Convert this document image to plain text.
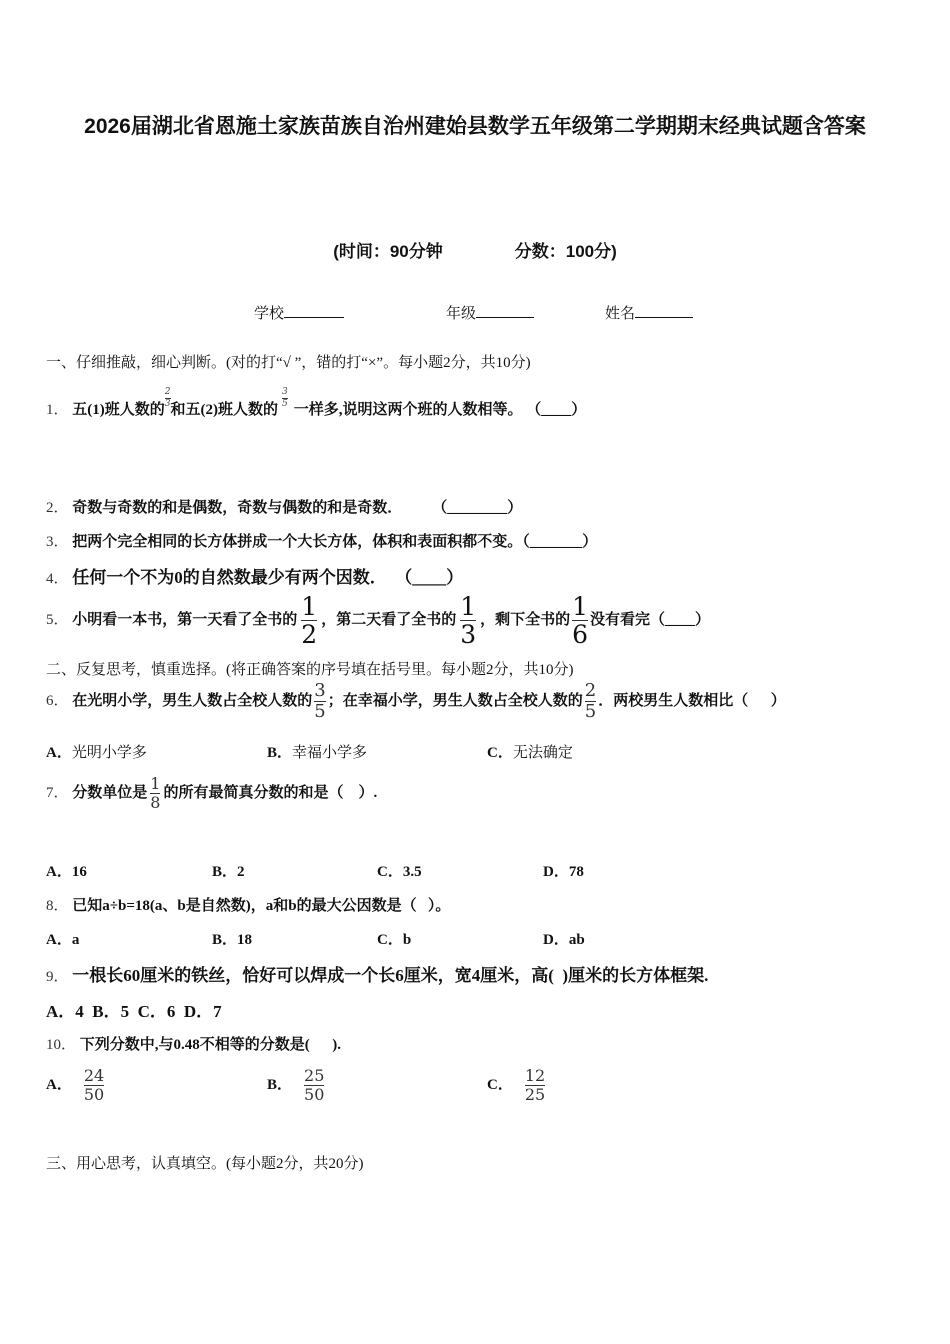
2026届湖北省恩施土家族苗族自治州建始县数学五年级第二学期期末经典试题含答案
(时间：90分钟	分数：100分)
学校	年级	姓名
一、仔细推敲，细心判断。(对的打“√ ”，错的打“×”。每小题2分，共10分)
1． 五(1)班人数的
$\frac{2}{3}$
和五(2)班人数的
$\frac{3}{5}$
一样多,说明这两个班的人数相等。 （____）
2． 奇数与奇数的和是偶数，奇数与偶数的和是奇数．        （________）
3． 把两个完全相同的长方体拼成一个大长方体，体积和表面积都不变。（_______）
4． 任何一个不为0的自然数最少有两个因数．  （____）
5． 小明看一本书，第一天看了全书的 $\frac{1}{2}$ ，第二天看了全书的 $\frac{1}{3}$ ，剩下全书的 $\frac{1}{6}$ 没有看完（____）
二、反复思考，慎重选择。(将正确答案的序号填在括号里。每小题2分，共10分)
6． 在光明小学，男生人数占全校人数的 $\frac{3}{5}$ ；在幸福小学，男生人数占全校人数的 $\frac{2}{5}$ ．两校男生人数相比（      ）
A．光明小学多	B．幸福小学多	C．无法确定
7． 分数单位是 $\frac{1}{8}$ 的所有最简真分数的和是（    ）.
A．16	B．2	C．3.5	D．78
8． 已知a÷b=18(a、b是自然数)，a和b的最大公因数是（   ）。
A．a	B．18	C．b	D．ab
9． 一根长60厘米的铁丝，恰好可以焊成一个长6厘米，宽4厘米，高(  )厘米的长方体框架.
A．4  B．5  C．6  D．7
10． 下列分数中,与0.48不相等的分数是(      ).
A． $\frac{24}{50}$	B． $\frac{25}{50}$	C． $\frac{12}{25}$
三、用心思考，认真填空。(每小题2分，共20分)
